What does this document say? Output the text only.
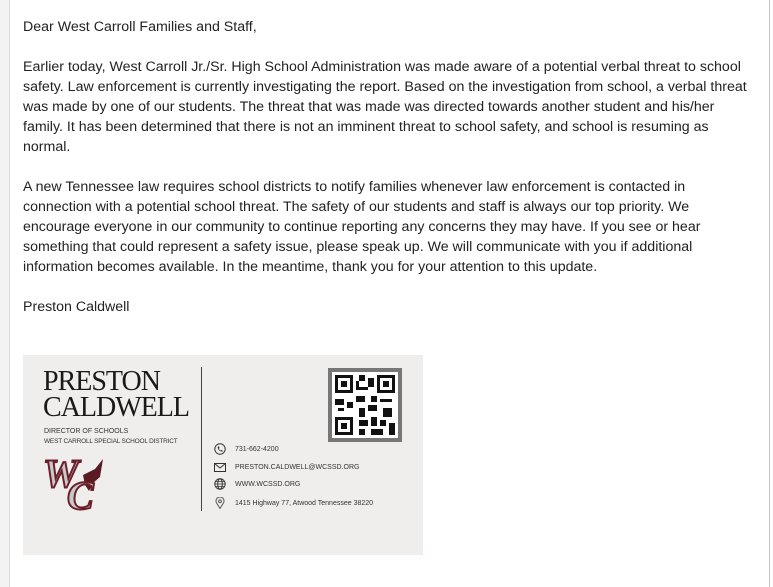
Dear West Carroll Families and Staff,
Earlier today, West Carroll Jr./Sr. High School Administration was made aware of a potential verbal threat to school
safety. Law enforcement is currently investigating the report. Based on the investigation from school, a verbal threat
was made by one of our students. The threat that was made was directed towards another student and his/her
family. It has been determined that there is not an imminent threat to school safety, and school is resuming as
normal.
A new Tennessee law requires school districts to notify families whenever law enforcement is contacted in
connection with a potential school threat. The safety of our students and staff is always our top priority. We
encourage everyone in our community to continue reporting any concerns they may have. If you see or hear
something that could represent a safety issue, please speak up. We will communicate with you if additional
information becomes available. In the meantime, thank you for your attention to this update.
Preston Caldwell
PRESTON
CALDWELL
DIRECTOR OF SCHOOLS
WEST CARROLL SPECIAL SCHOOL DISTRICT
C
W
731-662-4200
PRESTON.CALDWELL@WCSSD.ORG
WWW.WCSSD.ORG
1415 Highway 77, Atwood Tennessee 38220
